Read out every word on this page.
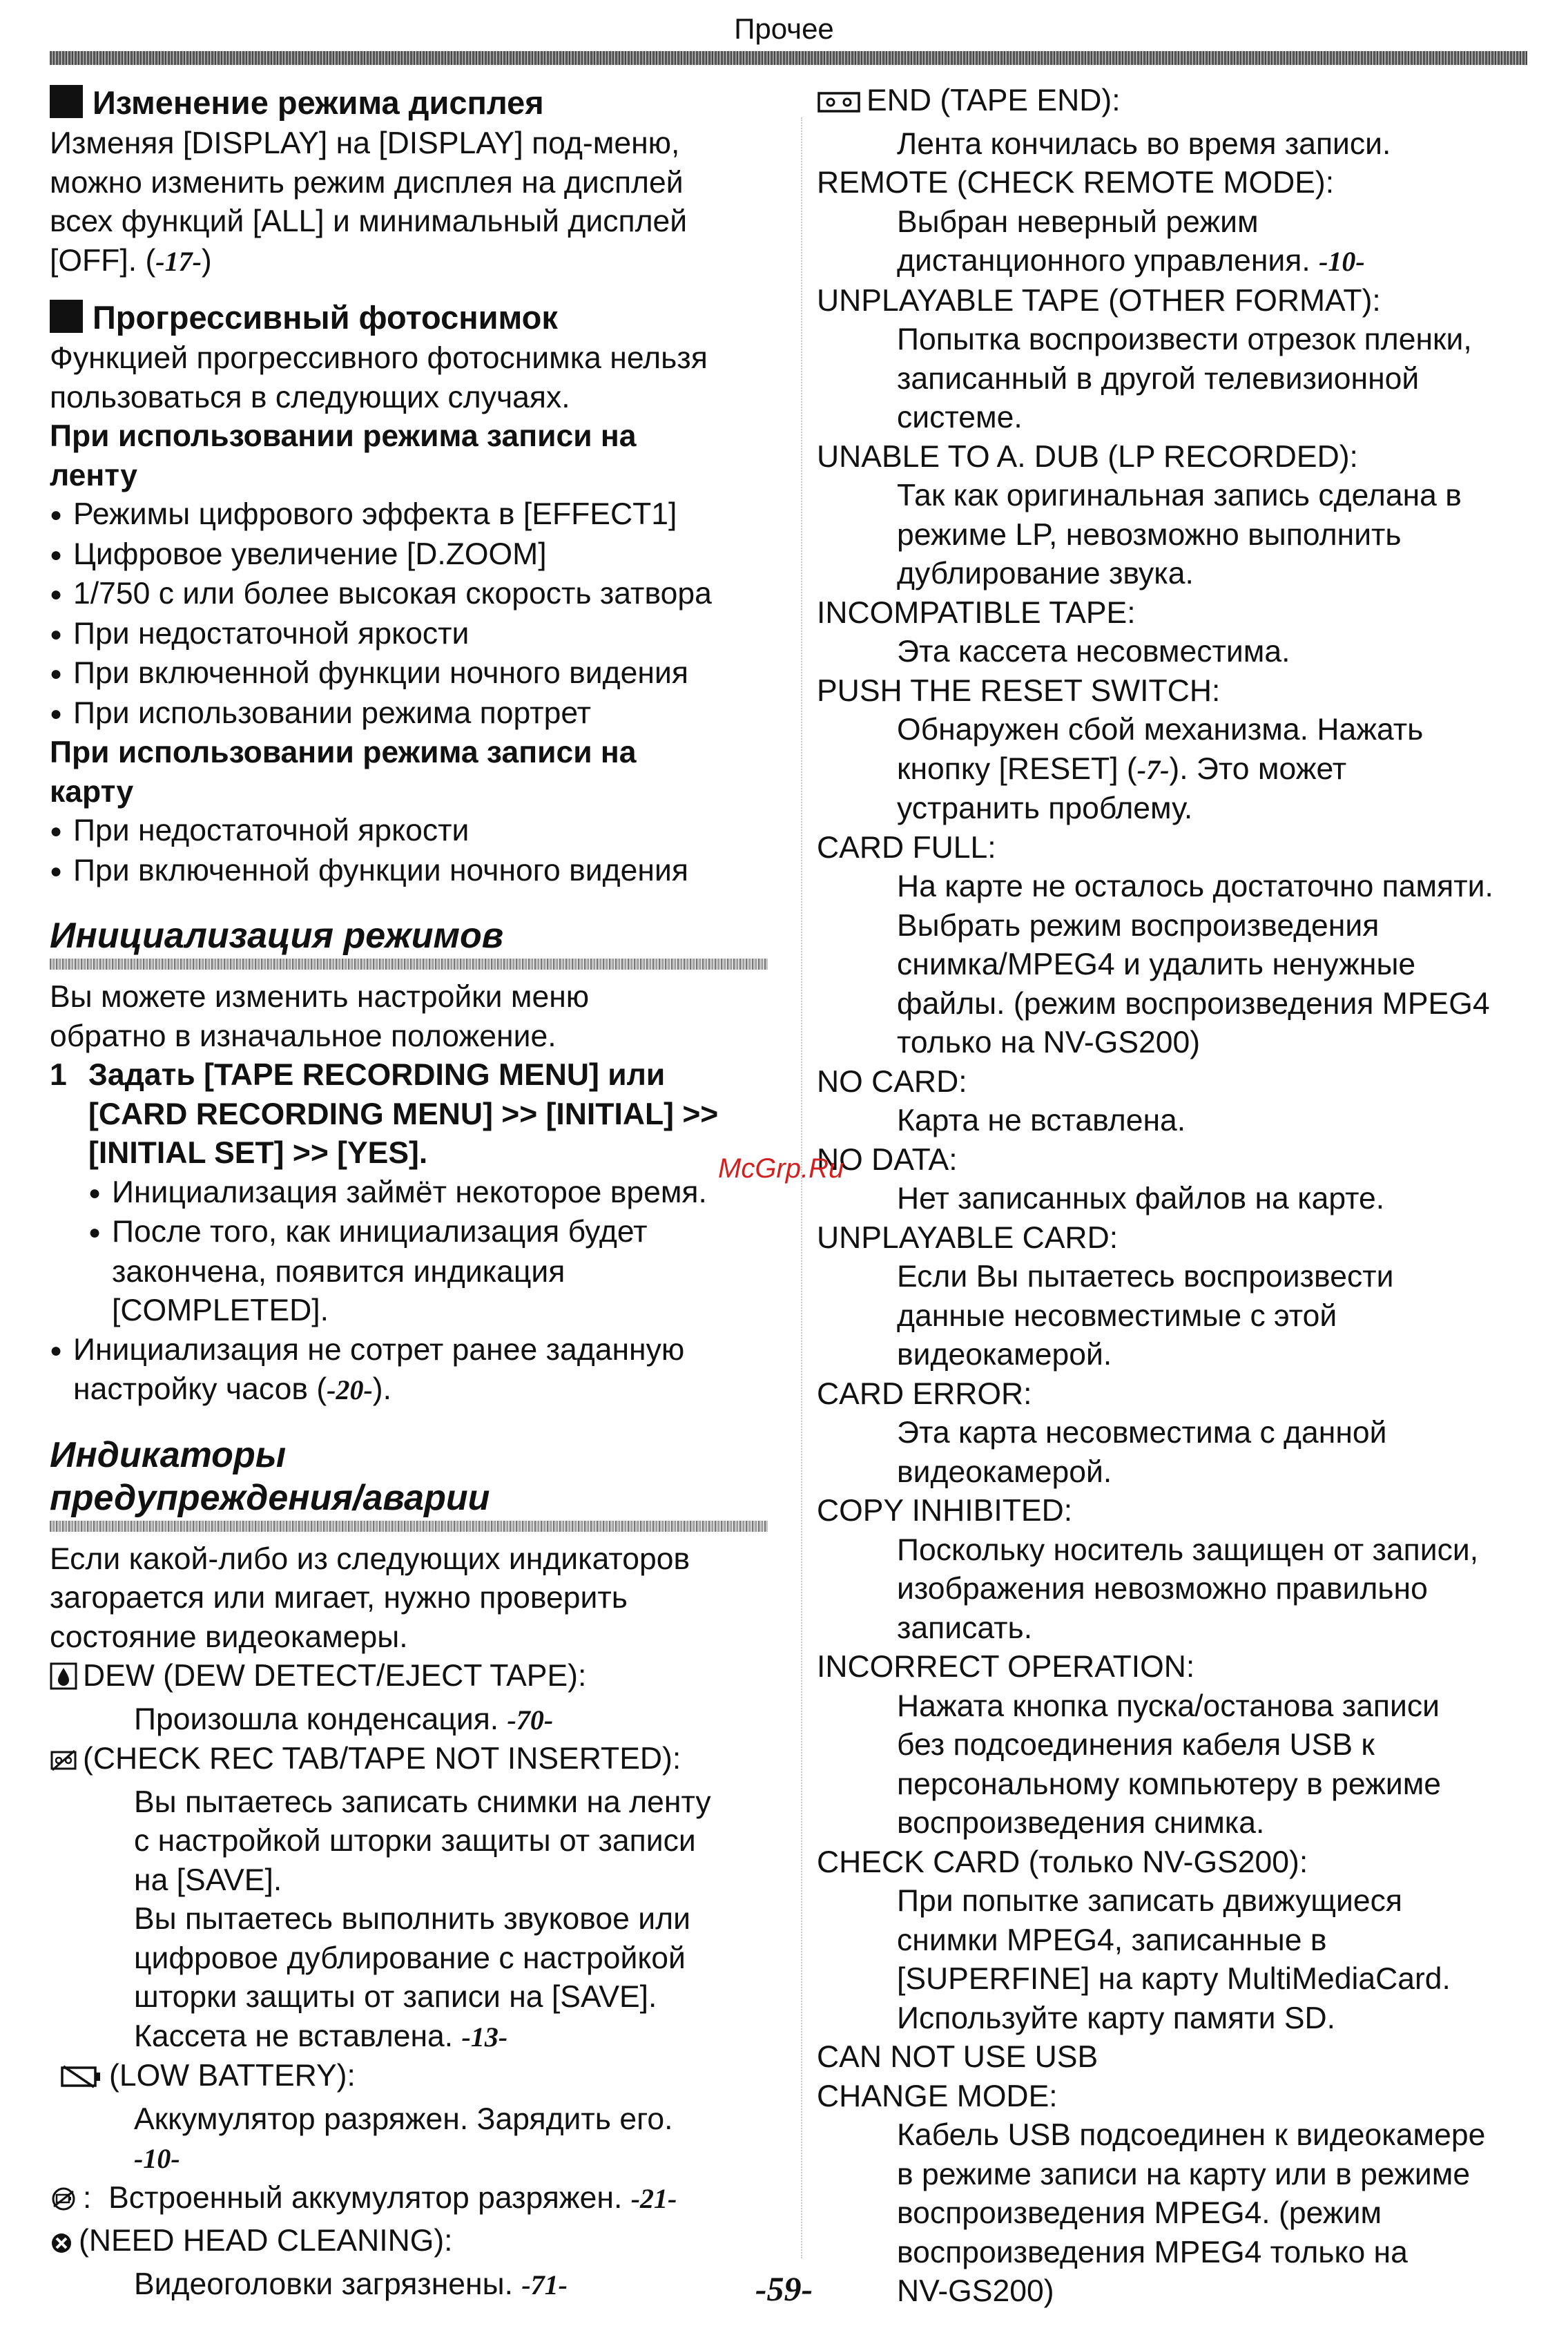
Прочее

Изменение режима дисплея

Изменяя [DISPLAY] на [DISPLAY] под-меню,

можно изменить режим дисплея на дисплей

всех функций [ALL] и минимальный дисплей

[OFF]. (-17-)

Прогрессивный фотоснимок

Функцией прогрессивного фотоснимка нельзя

пользоваться в следующих случаях.

При использовании режима записи на

ленту

● Режимы цифрового эффекта в [EFFECT1]

● Цифровое увеличение [D.ZOOM]

● 1/750 с или более высокая скорость затвора

● При недостаточной яркости

● При включенной функции ночного видения

● При использовании режима портрет

При использовании режима записи на

карту

● При недостаточной яркости

● При включенной функции ночного видения

Инициализация режимов

Вы можете изменить настройки меню

обратно в изначальное положение.

1 Задать [TAPE RECORDING MENU] или

[CARD RECORDING MENU] >> [INITIAL] >>

[INITIAL SET] >> [YES].

● Инициализация займёт некоторое время.

● После того, как инициализация будет

закончена, появится индикация

[COMPLETED].

● Инициализация не сотрет ранее заданную

настройку часов (-20-).

Индикаторы

предупреждения/аварии

Если какой-либо из следующих индикаторов

загорается или мигает, нужно проверить

состояние видеокамеры.

DEW (DEW DETECT/EJECT TAPE):

Произошла конденсация. -70-

(CHECK REC TAB/TAPE NOT INSERTED):

Вы пытаетесь записать снимки на ленту

с настройкой шторки защиты от записи

на [SAVE].

Вы пытаетесь выполнить звуковое или

цифровое дублирование с настройкой

шторки защиты от записи на [SAVE].

Кассета не вставлена. -13-

(LOW BATTERY):

Аккумулятор разряжен. Зарядить его.

-10-

: Встроенный аккумулятор разряжен. -21-

(NEED HEAD CLEANING):

Видеоголовки загрязнены. -71-

END (TAPE END):

Лента кончилась во время записи.

REMOTE (CHECK REMOTE MODE):

Выбран неверный режим

дистанционного управления. -10-

UNPLAYABLE TAPE (OTHER FORMAT):

Попытка воспроизвести отрезок пленки,

записанный в другой телевизионной

системе.

UNABLE TO A. DUB (LP RECORDED):

Так как оригинальная запись сделана в

режиме LP, невозможно выполнить

дублирование звука.

INCOMPATIBLE TAPE:

Эта кассета несовместима.

PUSH THE RESET SWITCH:

Обнаружен сбой механизма. Нажать

кнопку [RESET] (-7-). Это может

устранить проблему.

CARD FULL:

На карте не осталось достаточно памяти.

Выбрать режим воспроизведения

снимка/MPEG4 и удалить ненужные

файлы. (режим воспроизведения MPEG4

только на NV-GS200)

NO CARD:

Карта не вставлена.

NO DATA:

Нет записанных файлов на карте.

UNPLAYABLE CARD:

Если Вы пытаетесь воспроизвести

данные несовместимые с этой

видеокамерой.

CARD ERROR:

Эта карта несовместима с данной

видеокамерой.

COPY INHIBITED:

Поскольку носитель защищен от записи,

изображения невозможно правильно

записать.

INCORRECT OPERATION:

Нажата кнопка пуска/останова записи

без подсоединения кабеля USB к

персональному компьютеру в режиме

воспроизведения снимка.

CHECK CARD (только NV-GS200):

При попытке записать движущиеся

снимки MPEG4, записанные в

[SUPERFINE] на карту MultiMediaCard.

Используйте карту памяти SD.

CAN NOT USE USB

CHANGE MODE:

Кабель USB подсоединен к видеокамере

в режиме записи на карту или в режиме

воспроизведения MPEG4. (режим

воспроизведения MPEG4 только на

NV-GS200)

McGrp.Ru
-59-
